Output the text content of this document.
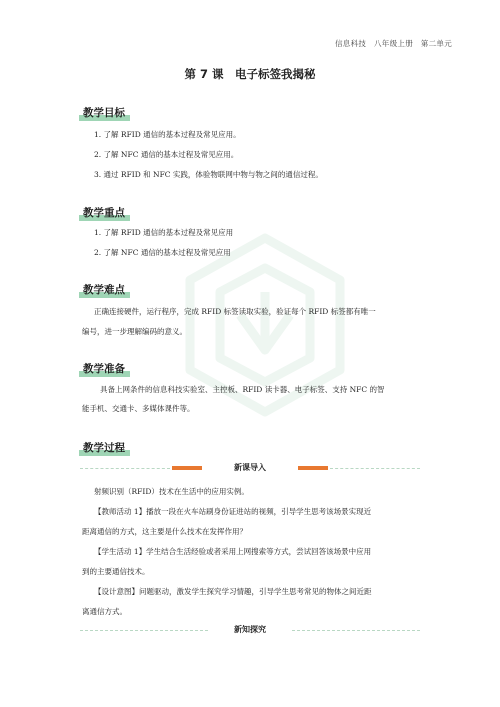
信息科技　八年级上册　第二单元
第 7 课　电子标签我揭秘
教学目标
1. 了解 RFID 通信的基本过程及常见应用。
2. 了解 NFC 通信的基本过程及常见应用。
3. 通过 RFID 和 NFC 实践，体验物联网中物与物之间的通信过程。
教学重点
1. 了解 RFID 通信的基本过程及常见应用
2. 了解 NFC 通信的基本过程及常见应用
教学难点
正确连接硬件，运行程序，完成 RFID 标签读取实验，验证每个 RFID 标签都有唯一
编号，进一步理解编码的意义。
教学准备
具备上网条件的信息科技实验室、主控板、RFID 读卡器、电子标签、支持 NFC 的智
能手机、交通卡、多媒体课件等。
教学过程
新课导入
射频识别（RFID）技术在生活中的应用实例。
【教师活动 1】播放一段在火车站刷身份证进站的视频，引导学生思考该场景实现近
距离通信的方式，这主要是什么技术在发挥作用？
【学生活动 1】学生结合生活经验或者采用上网搜索等方式，尝试回答该场景中应用
到的主要通信技术。
【设计意图】问题驱动，激发学生探究学习情趣，引导学生思考常见的物体之间近距
离通信方式。
新知探究
